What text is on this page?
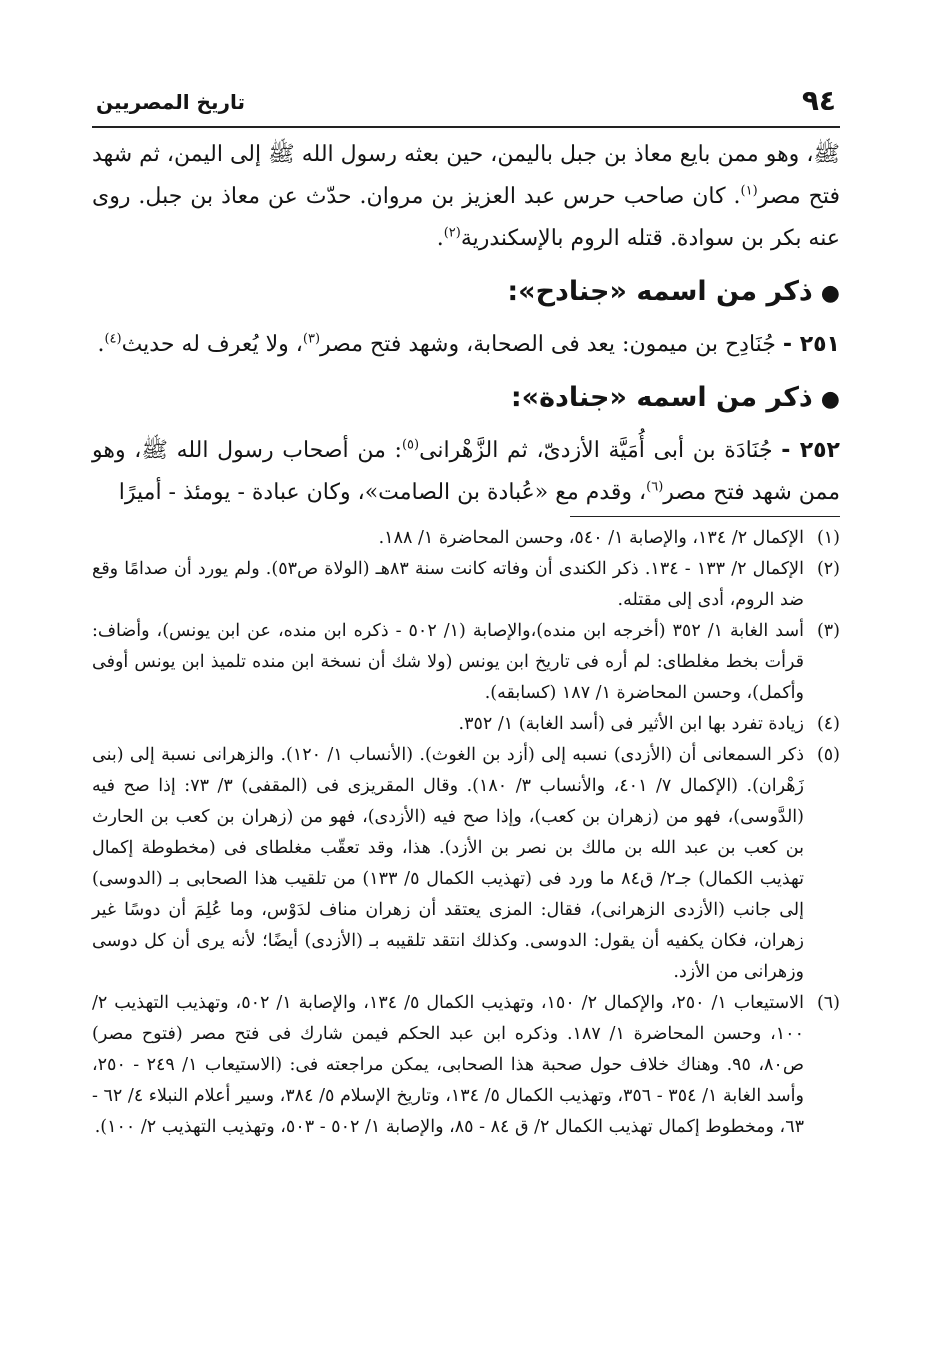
٩٤
تاريخ المصريين

ﷺ، وهو ممن بايع معاذ بن جبل باليمن، حين بعثه رسول الله ﷺ إلى اليمن، ثم شهد فتح مصر$^{(١)}$. كان صاحب حرس عبد العزيز بن مروان. حدّث عن معاذ بن جبل. روى عنه بكر بن سوادة. قتله الروم بالإسكندرية$^{(٢)}$.

●ذكر من اسمه «جنادح»:

٢٥١ - جُنَادِح بن ميمون: يعد فى الصحابة، وشهد فتح مصر$^{(٣)}$، ولا يُعرف له حديث$^{(٤)}$.

●ذكر من اسمه «جنادة»:

٢٥٢ - جُنَادَة بن أبى أُمَيَّة الأزدىّ، ثم الزَّهْرانى$^{(٥)}$: من أصحاب رسول الله ﷺ، وهو ممن شهد فتح مصر$^{(٦)}$، وقدم مع «عُبادة بن الصامت»، وكان عبادة - يومئذ - أميرًا

(١)
الإكمال ٢/ ١٣٤، والإصابة ١/ ٥٤٠، وحسن المحاضرة ١/ ١٨٨.
(٢)
الإكمال ٢/ ١٣٣ - ١٣٤. ذكر الكندى أن وفاته كانت سنة ٨٣هـ (الولاة ص٥٣). ولم يورد أن صدامًا وقع ضد الروم، أدى إلى مقتله.
(٣)
أسد الغابة ١/ ٣٥٢ (أخرجه ابن منده)،والإصابة (١/ ٥٠٢ - ذكره ابن منده، عن ابن يونس)، وأضاف: قرأت بخط مغلطاى: لم أره فى تاريخ ابن يونس (ولا شك أن نسخة ابن منده تلميذ ابن يونس أوفى وأكمل)، وحسن المحاضرة ١/ ١٨٧ (كسابقه).
(٤)
زيادة تفرد بها ابن الأثير فى (أسد الغابة) ١/ ٣٥٢.
(٥)
ذكر السمعانى أن (الأزدى) نسبه إلى (أزد بن الغوث). (الأنساب ١/ ١٢٠). والزهرانى نسبة إلى (بنى زَهْران). (الإكمال ٧/ ٤٠١، والأنساب ٣/ ١٨٠). وقال المقريزى فى (المقفى) ٣/ ٧٣: إذا صح فيه (الدَّوسى)، فهو من (زهران بن كعب)، وإذا صح فيه (الأزدى)، فهو من (زهران بن كعب بن الحارث بن كعب بن عبد الله بن مالك بن نصر بن الأزد). هذا، وقد تعقّب مغلطاى فى (مخطوطة إكمال تهذيب الكمال) جـ٢/ ق٨٤ ما ورد فى (تهذيب الكمال ٥/ ١٣٣) من تلقيب هذا الصحابى بـ (الدوسى) إلى جانب (الأزدى الزهرانى)، فقال: المزى يعتقد أن زهران مناف لدَوْس، وما عُلِمَ أن دوسًا غير زهران، فكان يكفيه أن يقول: الدوسى. وكذلك انتقد تلقيبه بـ (الأزدى) أيضًا؛ لأنه يرى أن كل دوسى وزهرانى من الأزد.
(٦)
الاستيعاب ١/ ٢٥٠، والإكمال ٢/ ١٥٠، وتهذيب الكمال ٥/ ١٣٤، والإصابة ١/ ٥٠٢، وتهذيب التهذيب ٢/ ١٠٠، وحسن المحاضرة ١/ ١٨٧. وذكره ابن عبد الحكم فيمن شارك فى فتح مصر (فتوح مصر) ص٨٠، ٩٥. وهناك خلاف حول صحبة هذا الصحابى، يمكن مراجعته فى: (الاستيعاب ١/ ٢٤٩ - ٢٥٠، وأسد الغابة ١/ ٣٥٤ - ٣٥٦، وتهذيب الكمال ٥/ ١٣٤، وتاريخ الإسلام ٥/ ٣٨٤، وسير أعلام النبلاء ٤/ ٦٢ - ٦٣، ومخطوط إكمال تهذيب الكمال ٢/ ق ٨٤ - ٨٥، والإصابة ١/ ٥٠٢ - ٥٠٣، وتهذيب التهذيب ٢/ ١٠٠).
